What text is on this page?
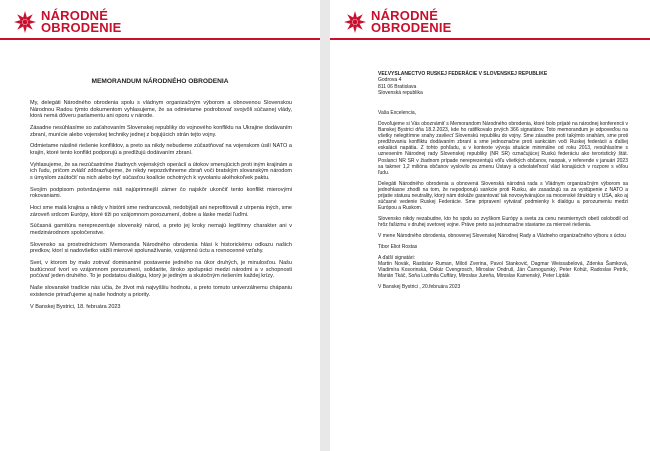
NÁRODNÉ
OBRODENIE
MEMORANDUM NÁRODNÉHO OBRODENIA

My, delegáti Národného obrodenia spolu s vládnym organizačným výborom a obnovenou Slovenskou Národnou Radou týmto dokumentom vyhlasujeme, že sa odmietame podrobovať svojvôli súčasnej vlády, ktorá nemá dôveru parlamentu ani oporu v národe.

Zásadne nesúhlasíme so zaťahovaním Slovenskej republiky do vojnového konfliktu na Ukrajine dodávaním zbraní, munície alebo vojenskej techniky jednej z bojujúcich strán tejto vojny.

Odmietame násilné riešenie konfliktov, a preto sa nikdy nebudeme zúčastňovať na vojenskom úsilí NATO a krajín, ktoré tento konflikt podporujú a predlžujú dodávaním zbraní.

Vyhlasujeme, že sa nezúčastníme žiadnych vojenských operácií a útokov smerujúcich proti iným krajinám a ich ľudu, pričom zvlášť zdôrazňujeme, že nikdy nepozdvihneme zbraň voči bratským slovanským národom s úmyslom zaútočiť na nich alebo byť súčasťou koalície ochotných k vyvolaniu akéhokoľvek paktu.

Svojím podpisom potvrdzujeme náš najúprimnejší zámer čo najskôr ukončiť tento konflikt mierovými rokovaniami.

Hoci sme malá krajina a nikdy v histórii sme nedrancovali, nedobýjali ani neprofitovali z utrpenia iných, sme zároveň srdcom Európy, ktoré tíži po vzájomnom porozumení, dobre a láske medzi ľuďmi.

Súčasná garnitúra nereprezentuje slovenský národ, a preto jej kroky nemajú legitímny charakter ani v medzinárodnom spoločenstve.

Slovensko sa prostredníctvom Memoranda Národného obrodenia hlási k historickému odkazu našich predkov, ktorí si nadovšetko vážili mierové spolunažívanie, vzájomnú úctu a rovnocenné vzťahy.

Svet, v ktorom by malo zotrvať dominantné postavenie jedného na úkor druhých, je minulosťou. Našu budúcnosť tvorí vo vzájomnom porozumení, solidarite, široko spolupráci medzi národmi a v schopnosti počúvať jeden druhého. To je podstatou dialógu, ktorý je jediným a skutočným riešením každej krízy.

Naše slovanské tradície nás učia, že život má najvyššiu hodnotu, a preto tomuto univerzálnemu chápaniu existencie prirad'ujeme aj naše hodnoty a priority.

V Banskej Bystrici, 18. februára 2023

NÁRODNÉ
OBRODENIE
VEĽVYSLANECTVO RUSKEJ FEDERÁCIE V SLOVENSKEJ REPUBLIKE
Godrova 4
811 06 Bratislava
Slovenská republika

Vaša Excelencia,

Dovoľujeme si Vás oboznámiť s Memorandom Národného obrodenia, ktoré bolo prijaté na národnej konferencii v Banskej Bystrici dňa 18.2.2023, kde ho ratifikovalo prvých 366 signatárov. Toto memorandum je odpoveďou na všetky nelegitímne snahy zavliecť Slovenskú republiku do vojny. Sme zásadne proti takýmto snahám, sme proti predlžovaniu konfliktu dodávaním zbraní a sme jednoznačne proti sankciám voči Ruskej federácii a ďalšej eskalácii napätia. Z tohto pohľadu, a v kontexte vývoja situácie minimálne od roku 2013, nesúhlasíme s uznesením Národnej rady Slovenskej republiky (NR SR) označujúcej Ruskú federáciu ako teroristický štát. Poslanci NR SR v žiadnom prípade nereprezentujú vôľu všetkých občanov, naopak, v referende v januári 2023 sa takmer 1,2 milióna občanov vyslovilo za zmenu Ústavy a odvolateľnosť vlád konajúcich v rozpore s vôľou ľudu.

Delegáti Národného obrodenia a obnovená Slovenská národná rada s Vládnym organizačným výborom sa jednohlasne zhodli na tom, že nepodporujú sankcie proti Rusku, ale zasadzujú sa za vystúpenie z NATO a prijatie statusu neutrality, ktorý nám dokáže garantovať tak novovytvárajúce sa mocenské štruktúry v USA, ako aj súčasné vedenie Ruskej Federácie. Sme pripravení vytvárať podmienky k dialógu a porozumeniu medzi Európou a Ruskom.

Slovensko nikdy nezabudne, kto ho spolu so zvyškom Európy a sveta za cenu nesmiernych obetí oslobodil od hrôz fašizmu v druhej svetovej vojne. Práve preto sa jednoznačne staviame za mierové riešenia.

V mene Národného obrodenia, obnovenej Slovenskej Národnej Rady a Vládneho organizačného výboru s úctou

Tibor Eliot Rostas

A ďalší signatári:
Martin Novák, Rastislav Ruman, Miloš Zverina, Pavol Stanković, Dagmar Weissabelová, Zdenka Šamková, Vladimíra Kosorinská, Oskár Cvengrosch, Miroslav Ondruš, Ján Čarnogurský, Peter Kohút, Radoslav Petrík, Marián Tkáč, Soňa Ludmila Cuffáry, Miroslav Jureňa, Miroslav Kamenský, Peter Lipták

V Banskej Bystrici , 20.februára 2023
